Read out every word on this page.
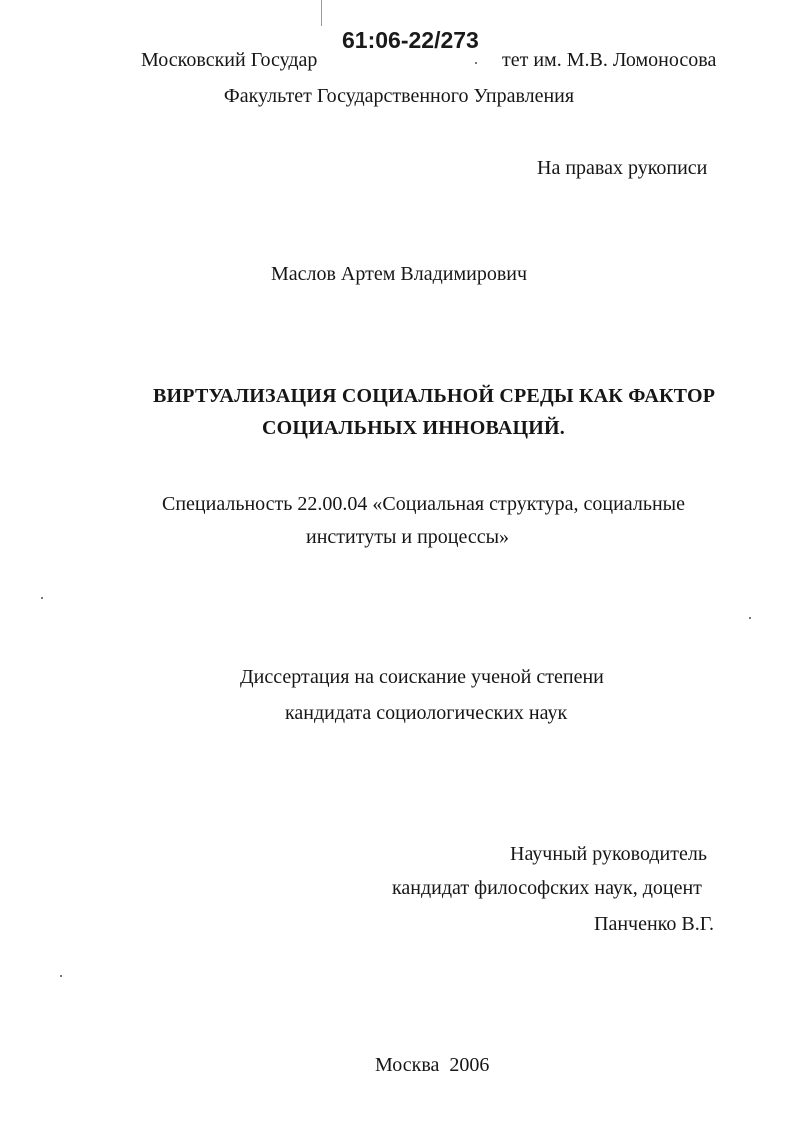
Московский Государ	тет им. М.В. Ломоносова
61:06-22/273
Факультет Государственного Управления
На правах рукописи
Маслов Артем Владимирович
ВИРТУАЛИЗАЦИЯ СОЦИАЛЬНОЙ СРЕДЫ КАК ФАКТОР
СОЦИАЛЬНЫХ ИННОВАЦИЙ.
Специальность 22.00.04 «Социальная структура, социальные
институты и процессы»
Диссертация на соискание ученой степени
кандидата социологических наук
Научный руководитель
кандидат философских наук, доцент
Панченко В.Г.
Москва  2006
